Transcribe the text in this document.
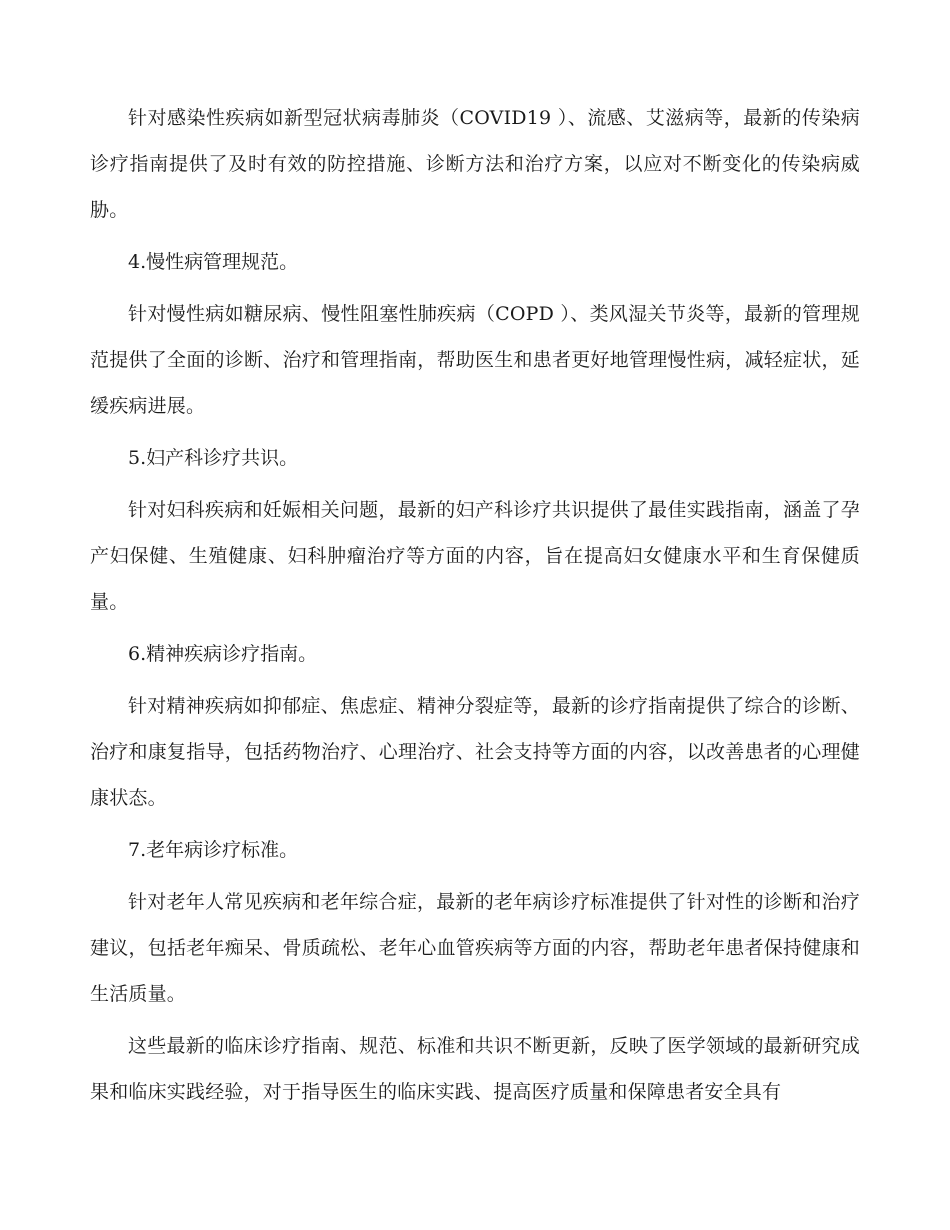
针对感染性疾病如新型冠状病毒肺炎（COVID19 ）、流感、艾滋病等，最新的传染病诊疗指南提供了及时有效的防控措施、诊断方法和治疗方案，以应对不断变化的传染病威胁。

4.慢性病管理规范。

针对慢性病如糖尿病、慢性阻塞性肺疾病（COPD ）、类风湿关节炎等，最新的管理规范提供了全面的诊断、治疗和管理指南，帮助医生和患者更好地管理慢性病，减轻症状，延缓疾病进展。

5.妇产科诊疗共识。

针对妇科疾病和妊娠相关问题，最新的妇产科诊疗共识提供了最佳实践指南，涵盖了孕产妇保健、生殖健康、妇科肿瘤治疗等方面的内容，旨在提高妇女健康水平和生育保健质量。

6.精神疾病诊疗指南。

针对精神疾病如抑郁症、焦虑症、精神分裂症等，最新的诊疗指南提供了综合的诊断、治疗和康复指导，包括药物治疗、心理治疗、社会支持等方面的内容，以改善患者的心理健康状态。

7.老年病诊疗标准。

针对老年人常见疾病和老年综合症，最新的老年病诊疗标准提供了针对性的诊断和治疗建议，包括老年痴呆、骨质疏松、老年心血管疾病等方面的内容，帮助老年患者保持健康和生活质量。

这些最新的临床诊疗指南、规范、标准和共识不断更新，反映了医学领域的最新研究成果和临床实践经验，对于指导医生的临床实践、提高医疗质量和保障患者安全具有
